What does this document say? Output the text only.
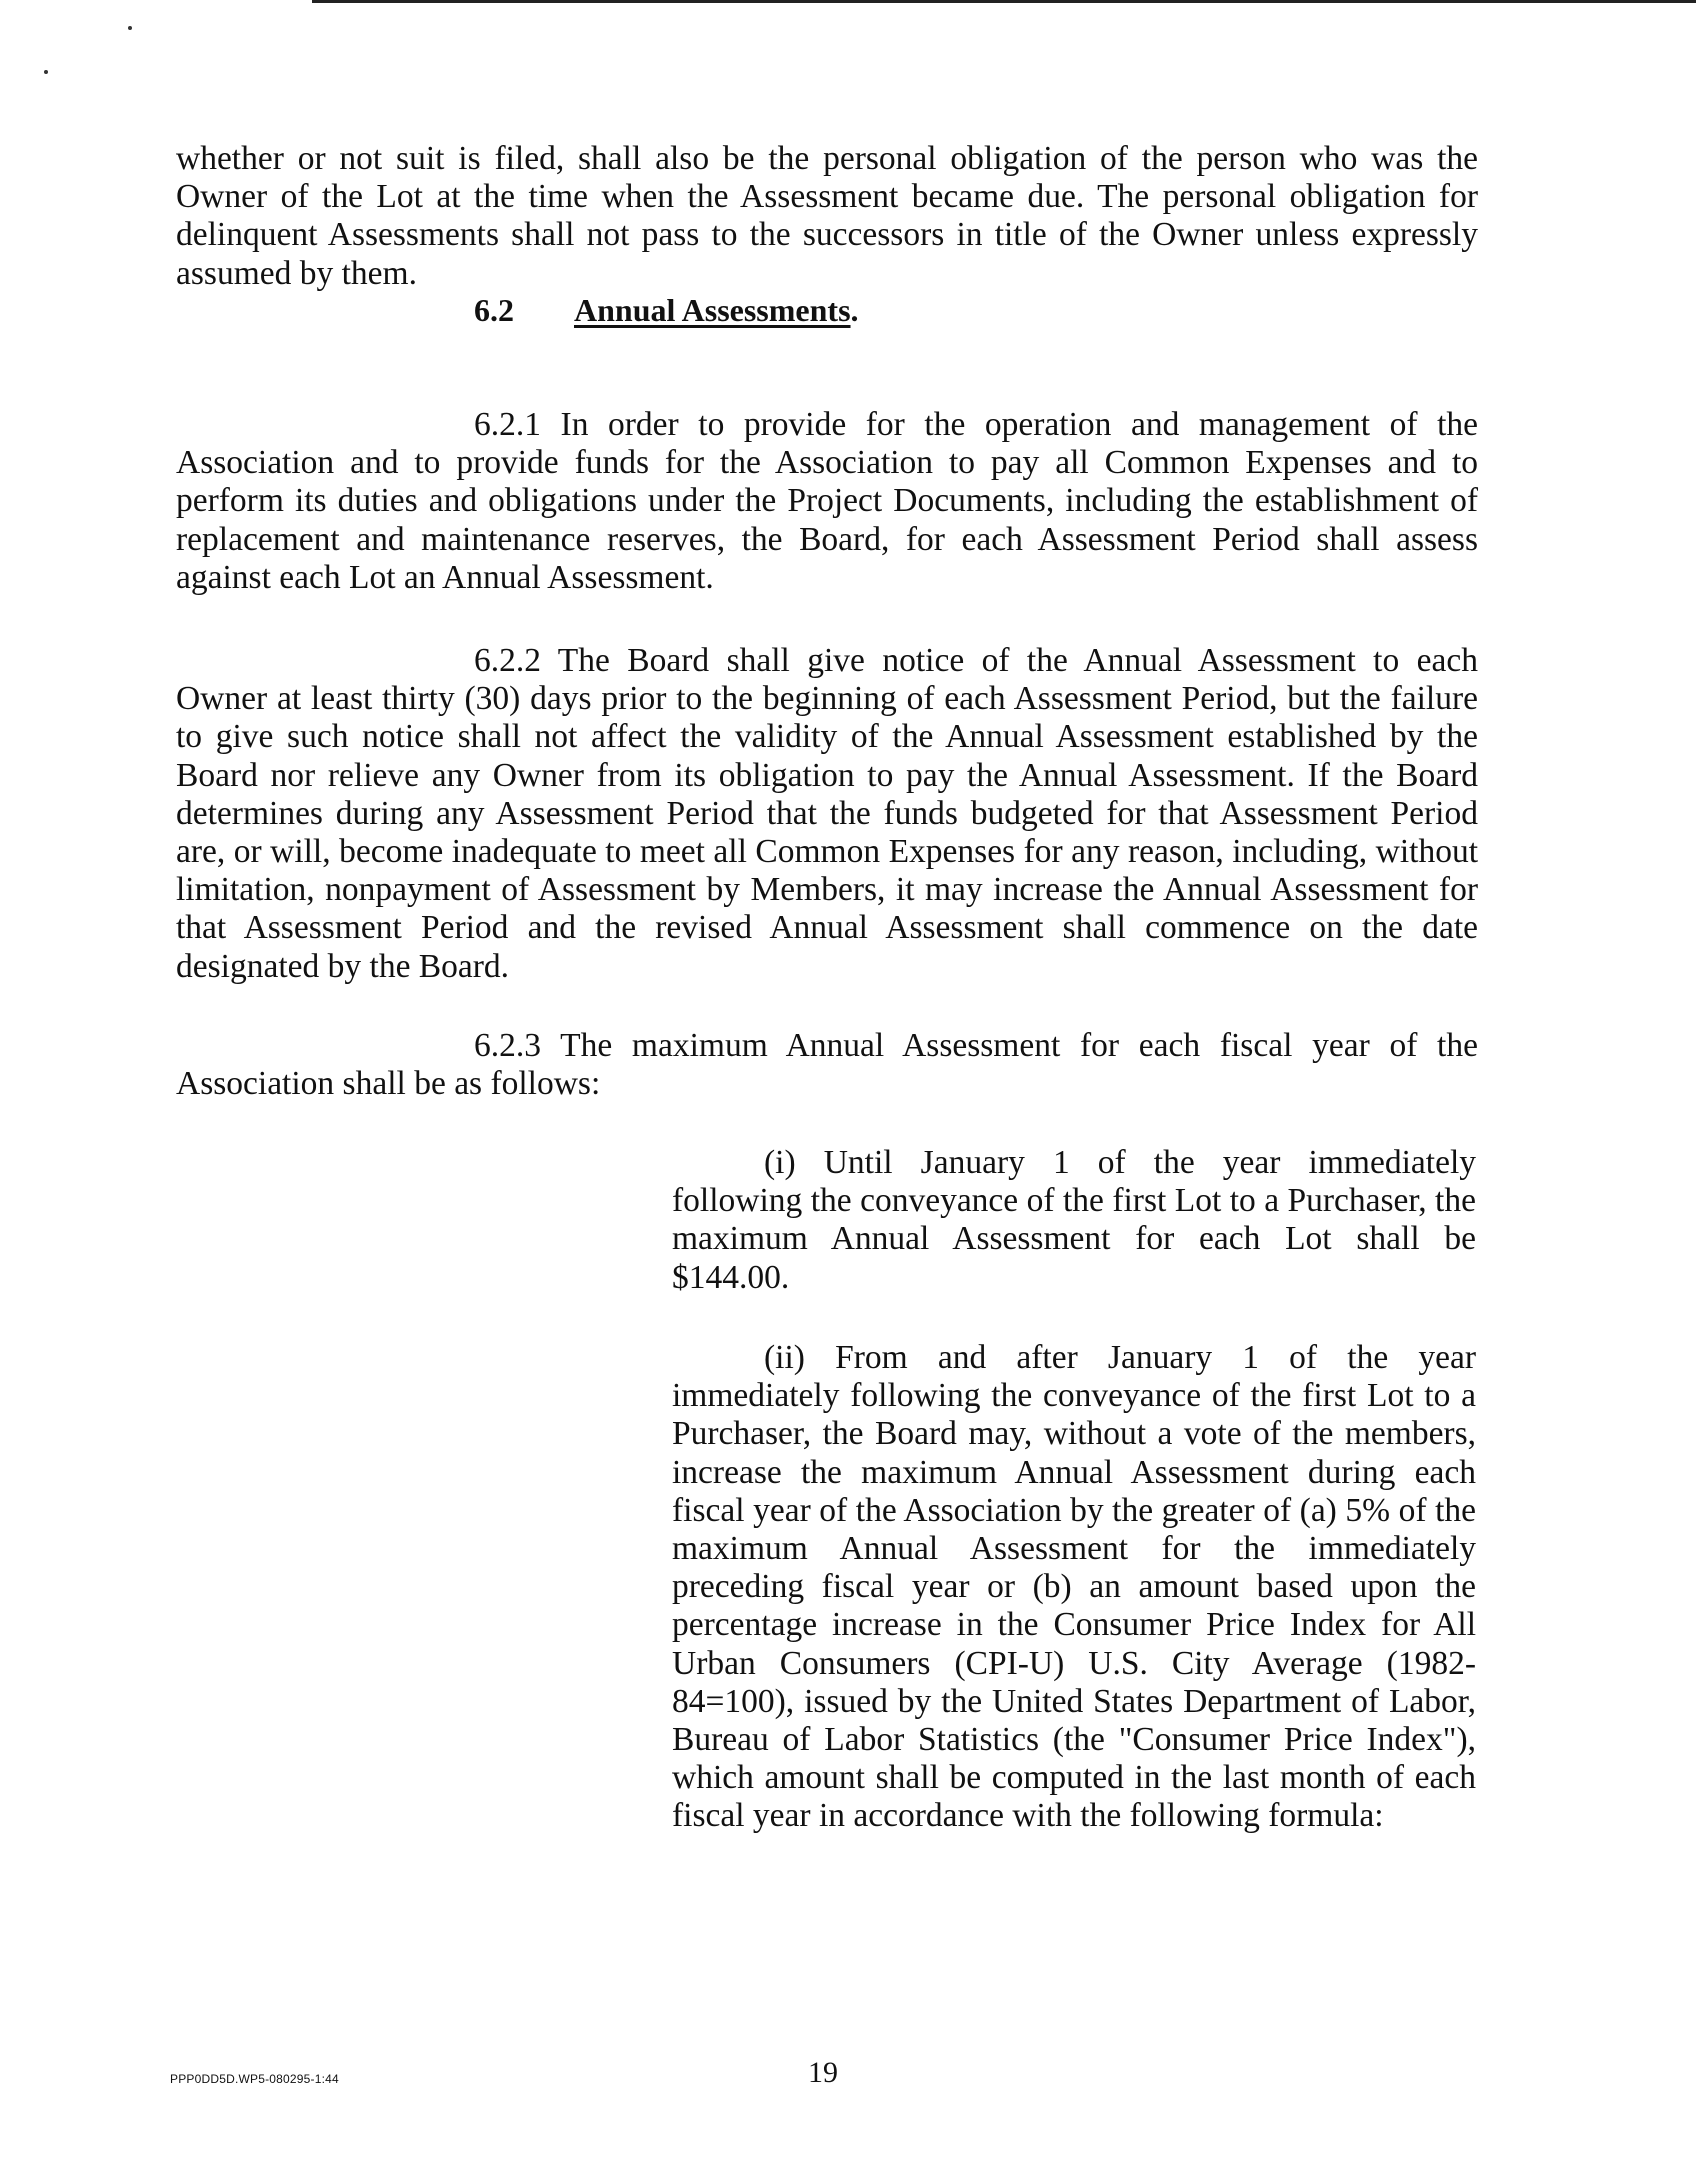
whether or not suit is filed, shall also be the personal obligation of the person who was the Owner of the Lot at the time when the Assessment became due. The personal obligation for delinquent Assessments shall not pass to the successors in title of the Owner unless expressly assumed by them.

6.2 Annual Assessments.

6.2.1 In order to provide for the operation and management of the Association and to provide funds for the Association to pay all Common Expenses and to perform its duties and obligations under the Project Documents, including the establishment of replacement and maintenance reserves, the Board, for each Assessment Period shall assess against each Lot an Annual Assessment.

6.2.2 The Board shall give notice of the Annual Assessment to each Owner at least thirty (30) days prior to the beginning of each Assessment Period, but the failure to give such notice shall not affect the validity of the Annual Assessment established by the Board nor relieve any Owner from its obligation to pay the Annual Assessment. If the Board determines during any Assessment Period that the funds budgeted for that Assessment Period are, or will, become inadequate to meet all Common Expenses for any reason, including, without limitation, nonpayment of Assessment by Members, it may increase the Annual Assessment for that Assessment Period and the revised Annual Assessment shall commence on the date designated by the Board.

6.2.3 The maximum Annual Assessment for each fiscal year of the Association shall be as follows:

(i) Until January 1 of the year immediately following the conveyance of the first Lot to a Purchaser, the maximum Annual Assessment for each Lot shall be $144.00.

(ii) From and after January 1 of the year immediately following the conveyance of the first Lot to a Purchaser, the Board may, without a vote of the members, increase the maximum Annual Assessment during each fiscal year of the Association by the greater of (a) 5% of the maximum Annual Assessment for the immediately preceding fiscal year or (b) an amount based upon the percentage increase in the Consumer Price Index for All Urban Consumers (CPI-U) U.S. City Average (1982-84=100), issued by the United States Department of Labor, Bureau of Labor Statistics (the "Consumer Price Index"), which amount shall be computed in the last month of each fiscal year in accordance with the following formula:

PPP0DD5D.WP5-080295-1:44	19
